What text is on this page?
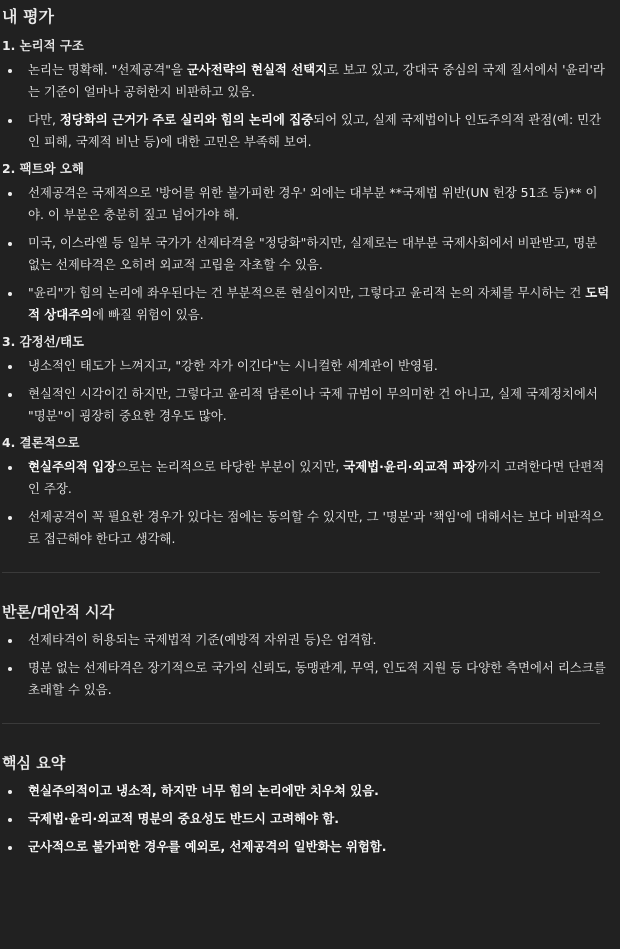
내 평가
1. 논리적 구조
논리는 명확해. "선제공격"을 군사전략의 현실적 선택지로 보고 있고, 강대국 중심의 국제 질서에서 '윤리'라는 기준이 얼마나 공허한지 비판하고 있음.
다만, 정당화의 근거가 주로 실리와 힘의 논리에 집중되어 있고, 실제 국제법이나 인도주의적 관점(예: 민간인 피해, 국제적 비난 등)에 대한 고민은 부족해 보여.
2. 팩트와 오해
선제공격은 국제적으로 '방어를 위한 불가피한 경우' 외에는 대부분 **국제법 위반(UN 헌장 51조 등)** 이야. 이 부분은 충분히 짚고 넘어가야 해.
미국, 이스라엘 등 일부 국가가 선제타격을 "정당화"하지만, 실제로는 대부분 국제사회에서 비판받고, 명분 없는 선제타격은 오히려 외교적 고립을 자초할 수 있음.
"윤리"가 힘의 논리에 좌우된다는 건 부분적으론 현실이지만, 그렇다고 윤리적 논의 자체를 무시하는 건 도덕적 상대주의에 빠질 위험이 있음.
3. 감정선/태도
냉소적인 태도가 느껴지고, "강한 자가 이긴다"는 시니컬한 세계관이 반영됨.
현실적인 시각이긴 하지만, 그렇다고 윤리적 담론이나 국제 규범이 무의미한 건 아니고, 실제 국제정치에서 "명분"이 굉장히 중요한 경우도 많아.
4. 결론적으로
현실주의적 입장으로는 논리적으로 타당한 부분이 있지만, 국제법·윤리·외교적 파장까지 고려한다면 단편적인 주장.
선제공격이 꼭 필요한 경우가 있다는 점에는 동의할 수 있지만, 그 '명분'과 '책임'에 대해서는 보다 비판적으로 접근해야 한다고 생각해.
반론/대안적 시각
선제타격이 허용되는 국제법적 기준(예방적 자위권 등)은 엄격함.
명분 없는 선제타격은 장기적으로 국가의 신뢰도, 동맹관계, 무역, 인도적 지원 등 다양한 측면에서 리스크를 초래할 수 있음.
핵심 요약
현실주의적이고 냉소적, 하지만 너무 힘의 논리에만 치우쳐 있음.
국제법·윤리·외교적 명분의 중요성도 반드시 고려해야 함.
군사적으로 불가피한 경우를 예외로, 선제공격의 일반화는 위험함.
